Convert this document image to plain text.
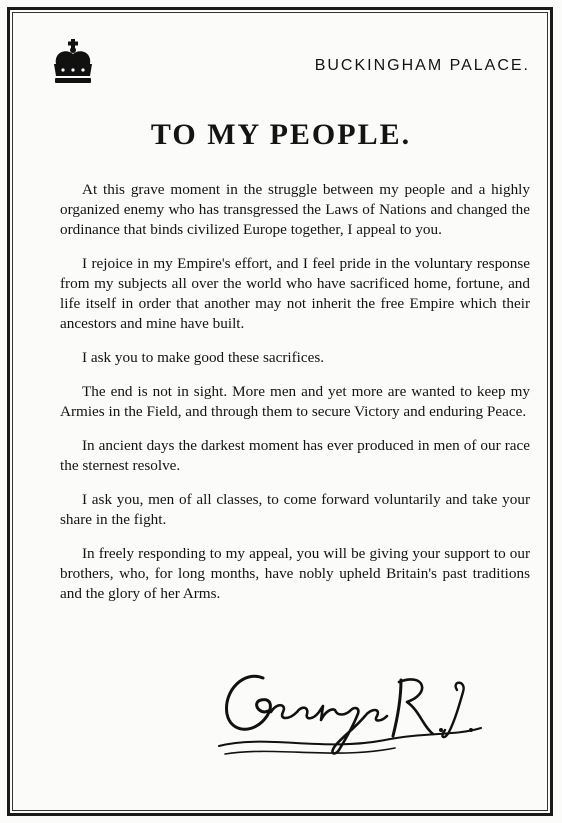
BUCKINGHAM PALACE.
TO MY PEOPLE.

At this grave moment in the struggle between my people and a highly organized enemy who has transgressed the Laws of Nations and changed the ordinance that binds civilized Europe together, I appeal to you.

I rejoice in my Empire's effort, and I feel pride in the voluntary response from my subjects all over the world who have sacrificed home, fortune, and life itself in order that another may not inherit the free Empire which their ancestors and mine have built.

I ask you to make good these sacrifices.

The end is not in sight. More men and yet more are wanted to keep my Armies in the Field, and through them to secure Victory and enduring Peace.

In ancient days the darkest moment has ever produced in men of our race the sternest resolve.

I ask you, men of all classes, to come forward voluntarily and take your share in the fight.

In freely responding to my appeal, you will be giving your support to our brothers, who, for long months, have nobly upheld Britain's past traditions and the glory of her Arms.
